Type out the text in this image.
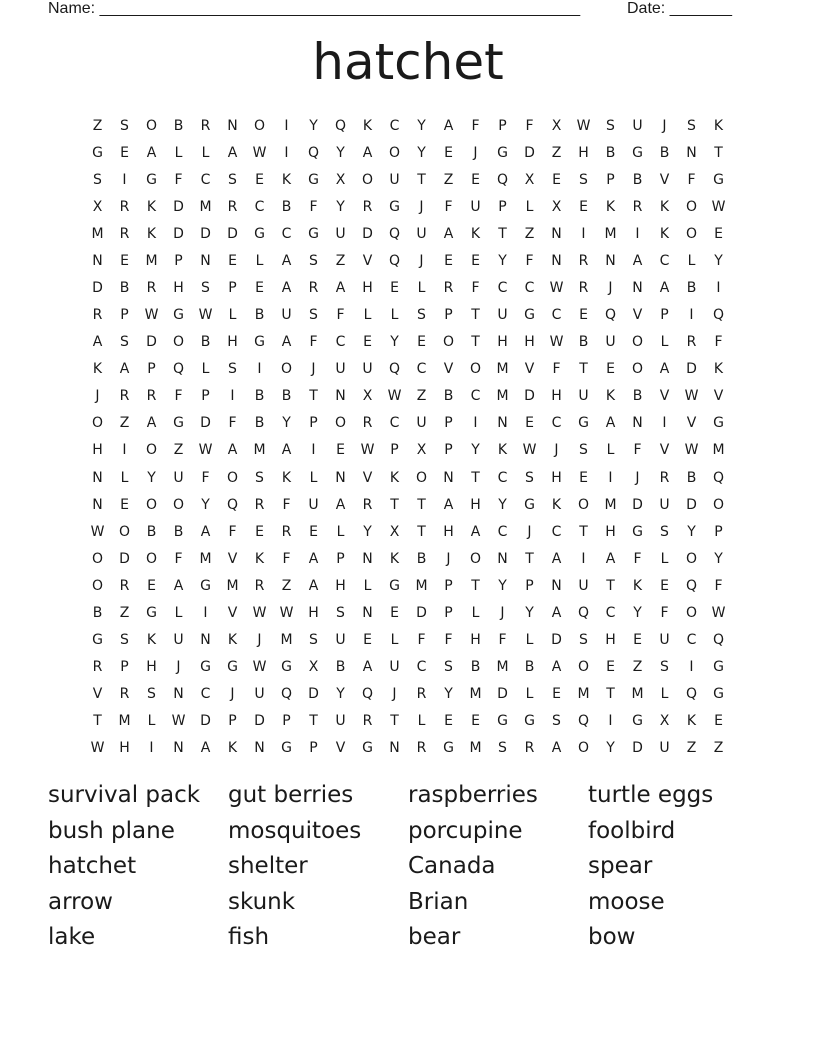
Name: ______________________________________________________	Date: _______
hatchet
Z	S	O	B	R	N	O	I	Y	Q	K	C	Y	A	F	P	F	X	W	S	U	J	S	K
G	E	A	L	L	A	W	I	Q	Y	A	O	Y	E	J	G	D	Z	H	B	G	B	N	T
S	I	G	F	C	S	E	K	G	X	O	U	T	Z	E	Q	X	E	S	P	B	V	F	G
X	R	K	D	M	R	C	B	F	Y	R	G	J	F	U	P	L	X	E	K	R	K	O	W
M	R	K	D	D	D	G	C	G	U	D	Q	U	A	K	T	Z	N	I	M	I	K	O	E
N	E	M	P	N	E	L	A	S	Z	V	Q	J	E	E	Y	F	N	R	N	A	C	L	Y
D	B	R	H	S	P	E	A	R	A	H	E	L	R	F	C	C	W	R	J	N	A	B	I
R	P	W	G	W	L	B	U	S	F	L	L	S	P	T	U	G	C	E	Q	V	P	I	Q
A	S	D	O	B	H	G	A	F	C	E	Y	E	O	T	H	H	W	B	U	O	L	R	F
K	A	P	Q	L	S	I	O	J	U	U	Q	C	V	O	M	V	F	T	E	O	A	D	K
J	R	R	F	P	I	B	B	T	N	X	W	Z	B	C	M	D	H	U	K	B	V	W	V
O	Z	A	G	D	F	B	Y	P	O	R	C	U	P	I	N	E	C	G	A	N	I	V	G
H	I	O	Z	W	A	M	A	I	E	W	P	X	P	Y	K	W	J	S	L	F	V	W	M
N	L	Y	U	F	O	S	K	L	N	V	K	O	N	T	C	S	H	E	I	J	R	B	Q
N	E	O	O	Y	Q	R	F	U	A	R	T	T	A	H	Y	G	K	O	M	D	U	D	O
W	O	B	B	A	F	E	R	E	L	Y	X	T	H	A	C	J	C	T	H	G	S	Y	P
O	D	O	F	M	V	K	F	A	P	N	K	B	J	O	N	T	A	I	A	F	L	O	Y
O	R	E	A	G	M	R	Z	A	H	L	G	M	P	T	Y	P	N	U	T	K	E	Q	F
B	Z	G	L	I	V	W W	H	S	N	E	D	P	L	J	Y	A	Q	C	Y	F	O	W
G	S	K	U	N	K	J	M	S	U	E	L	F	F	H	F	L	D	S	H	E	U	C	Q
R	P	H	J	G	G	W	G	X	B	A	U	C	S	B	M	B	A	O	E	Z	S	I	G
V	R	S	N	C	J	U	Q	D	Y	Q	J	R	Y	M	D	L	E	M	T	M	L	Q	G
T	M	L	W	D	P	D	P	T	U	R	T	L	E	E	G	G	S	Q	I	G	X	K	E
W	H	I	N	A	K	N	G	P	V	G	N	R	G	M	S	R	A	O	Y	D	U	Z	Z
survival pack	gut berries	raspberries	turtle eggs
bush plane	mosquitoes	porcupine	foolbird
hatchet	shelter	Canada	spear
arrow	skunk	Brian	moose
lake	fish	bear	bow
